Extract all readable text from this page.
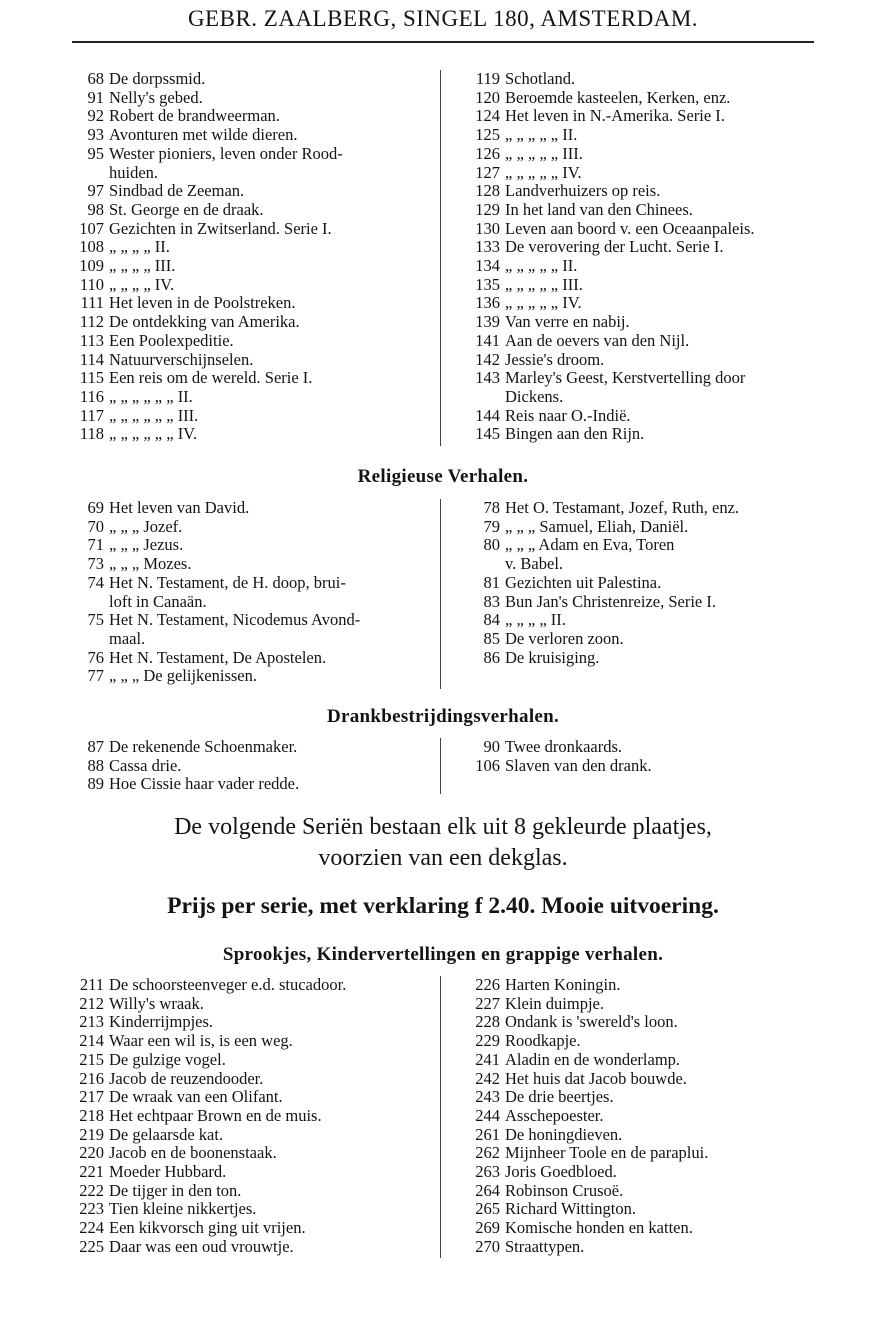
GEBR. ZAALBERG, SINGEL 180, AMSTERDAM.
68 De dorpssmid.
91 Nelly's gebed.
92 Robert de brandweerman.
93 Avonturen met wilde dieren.
95 Wester pioniers, leven onder Rood-
huiden.
97 Sindbad de Zeeman.
98 St. George en de draak.
107 Gezichten in Zwitserland. Serie I.
108 „ „ „ „ II.
109 „ „ „ „ III.
110 „ „ „ „ IV.
111 Het leven in de Poolstreken.
112 De ontdekking van Amerika.
113 Een Poolexpeditie.
114 Natuurverschijnselen.
115 Een reis om de wereld. Serie I.
116 „ „ „ „ „ „ II.
117 „ „ „ „ „ „ III.
118 „ „ „ „ „ „ IV.
119 Schotland.
120 Beroemde kasteelen, Kerken, enz.
124 Het leven in N.-Amerika. Serie I.
125 „ „ „ „ „ II.
126 „ „ „ „ „ III.
127 „ „ „ „ „ IV.
128 Landverhuizers op reis.
129 In het land van den Chinees.
130 Leven aan boord v. een Oceaanpaleis.
133 De verovering der Lucht. Serie I.
134 „ „ „ „ „ II.
135 „ „ „ „ „ III.
136 „ „ „ „ „ IV.
139 Van verre en nabij.
141 Aan de oevers van den Nijl.
142 Jessie's droom.
143 Marley's Geest, Kerstvertelling door
Dickens.
144 Reis naar O.-Indië.
145 Bingen aan den Rijn.
Religieuse Verhalen.
69 Het leven van David.
70 „ „ „ Jozef.
71 „ „ „ Jezus.
73 „ „ „ Mozes.
74 Het N. Testament, de H. doop, brui-
loft in Canaän.
75 Het N. Testament, Nicodemus Avond-
maal.
76 Het N. Testament, De Apostelen.
77 „ „ „ De gelijkenissen.
78 Het O. Testamant, Jozef, Ruth, enz.
79 „ „ „ Samuel, Eliah, Daniël.
80 „ „ „ Adam en Eva, Toren
v. Babel.
81 Gezichten uit Palestina.
83 Bun Jan's Christenreize, Serie I.
84 „ „ „ „ II.
85 De verloren zoon.
86 De kruisiging.
Drankbestrijdingsverhalen.
87 De rekenende Schoenmaker.
88 Cassa drie.
89 Hoe Cissie haar vader redde.
90 Twee dronkaards.
106 Slaven van den drank.
De volgende Seriën bestaan elk uit 8 gekleurde plaatjes,
voorzien van een dekglas.
Prijs per serie, met verklaring f 2.40. Mooie uitvoering.
Sprookjes, Kindervertellingen en grappige verhalen.
211 De schoorsteenveger e.d. stucadoor.
212 Willy's wraak.
213 Kinderrijmpjes.
214 Waar een wil is, is een weg.
215 De gulzige vogel.
216 Jacob de reuzendooder.
217 De wraak van een Olifant.
218 Het echtpaar Brown en de muis.
219 De gelaarsde kat.
220 Jacob en de boonenstaak.
221 Moeder Hubbard.
222 De tijger in den ton.
223 Tien kleine nikkertjes.
224 Een kikvorsch ging uit vrijen.
225 Daar was een oud vrouwtje.
226 Harten Koningin.
227 Klein duimpje.
228 Ondank is 'swereld's loon.
229 Roodkapje.
241 Aladin en de wonderlamp.
242 Het huis dat Jacob bouwde.
243 De drie beertjes.
244 Asschepoester.
261 De honingdieven.
262 Mijnheer Toole en de paraplui.
263 Joris Goedbloed.
264 Robinson Crusoë.
265 Richard Wittington.
269 Komische honden en katten.
270 Straattypen.
